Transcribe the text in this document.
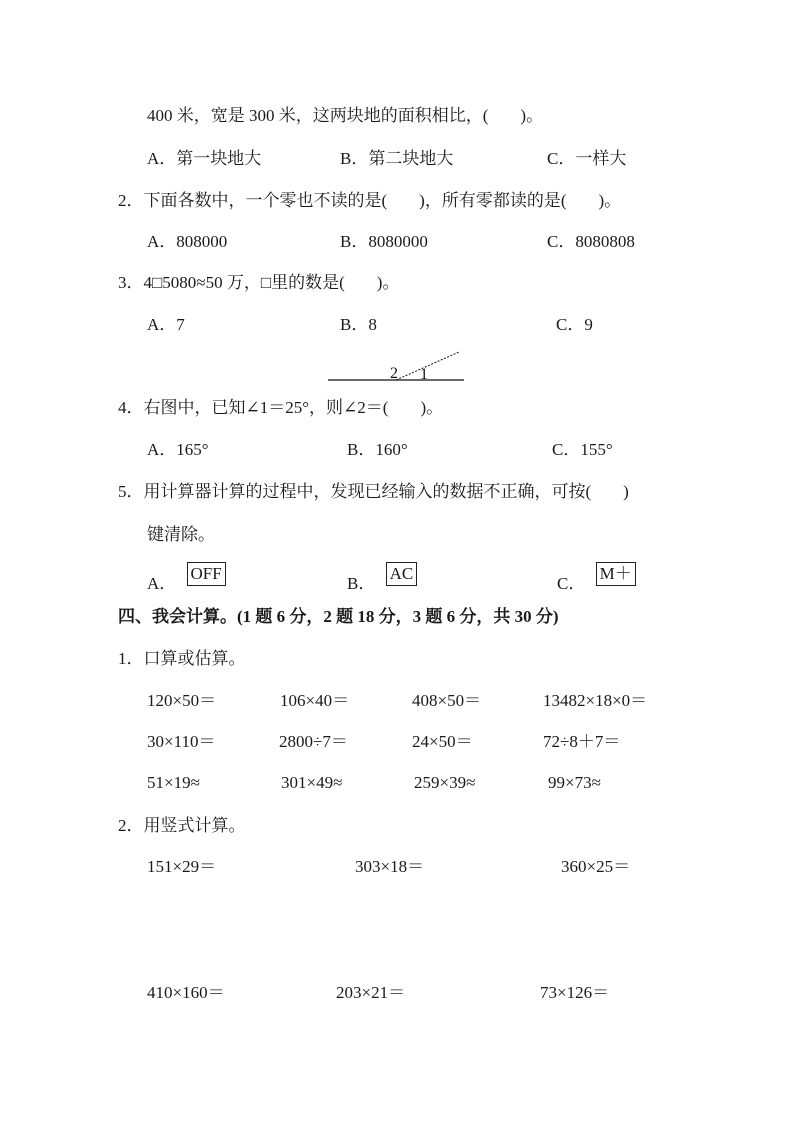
400 米，宽是 300 米，这两块地的面积相比，( )。
A．第一块地大	B．第二块地大	C．一样大
2．下面各数中，一个零也不读的是( )，所有零都读的是( )。
A．808000	B．8080000	C．8080808
3．4□5080≈50 万，□里的数是( )。
A．7	B．8	C．9
2 1
4．右图中，已知∠1＝25°，则∠2＝( )。
A．165°	B．160°	C．155°
5．用计算器计算的过程中，发现已经输入的数据不正确，可按( )
键清除。
A． OFF
B． AC
C． M＋
四、我会计算。(1 题 6 分，2 题 18 分，3 题 6 分，共 30 分)
1．口算或估算。
120×50＝	106×40＝	408×50＝	13482×18×0＝
30×110＝	2800÷7＝	24×50＝	72÷8＋7＝
51×19≈	301×49≈	259×39≈	99×73≈
2．用竖式计算。
151×29＝	303×18＝	360×25＝
410×160＝	203×21＝	73×126＝
